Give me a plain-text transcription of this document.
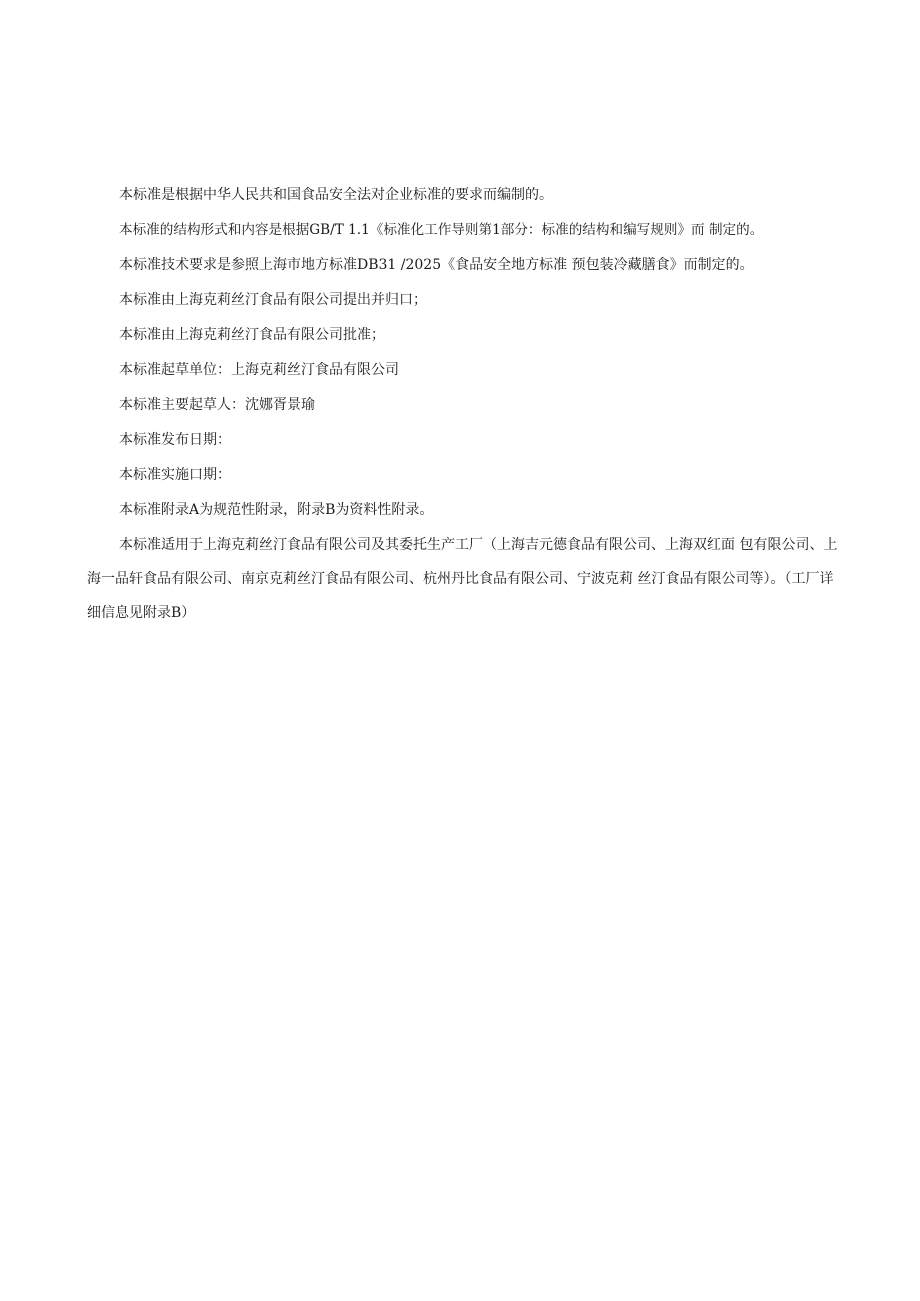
本标准是根据中华人民共和国食品安全法对企业标准的要求而编制的。

本标准的结构形式和内容是根据GB/T 1.1《标准化工作导则第1部分：标准的结构和编写规则》而 制定的。

本标准技术要求是参照上海市地方标准DB31 /2025《食品安全地方标准 预包装冷藏膳食》而制定的。

本标准由上海克莉丝汀食品有限公司提出并归口；

本标准由上海克莉丝汀食品有限公司批准；

本标准起草单位：上海克莉丝汀食品有限公司

本标准主要起草人：沈娜胥景瑜

本标准发布日期：

本标准实施口期：

本标准附录A为规范性附录，附录B为资料性附录。

本标准适用于上海克莉丝汀食品有限公司及其委托生产工厂（上海吉元德食品有限公司、上海双红面 包有限公司、上海一品轩食品有限公司、南京克莉丝汀食品有限公司、杭州丹比食品有限公司、宁波克莉 丝汀食品有限公司等）。（工厂详细信息见附录B）
